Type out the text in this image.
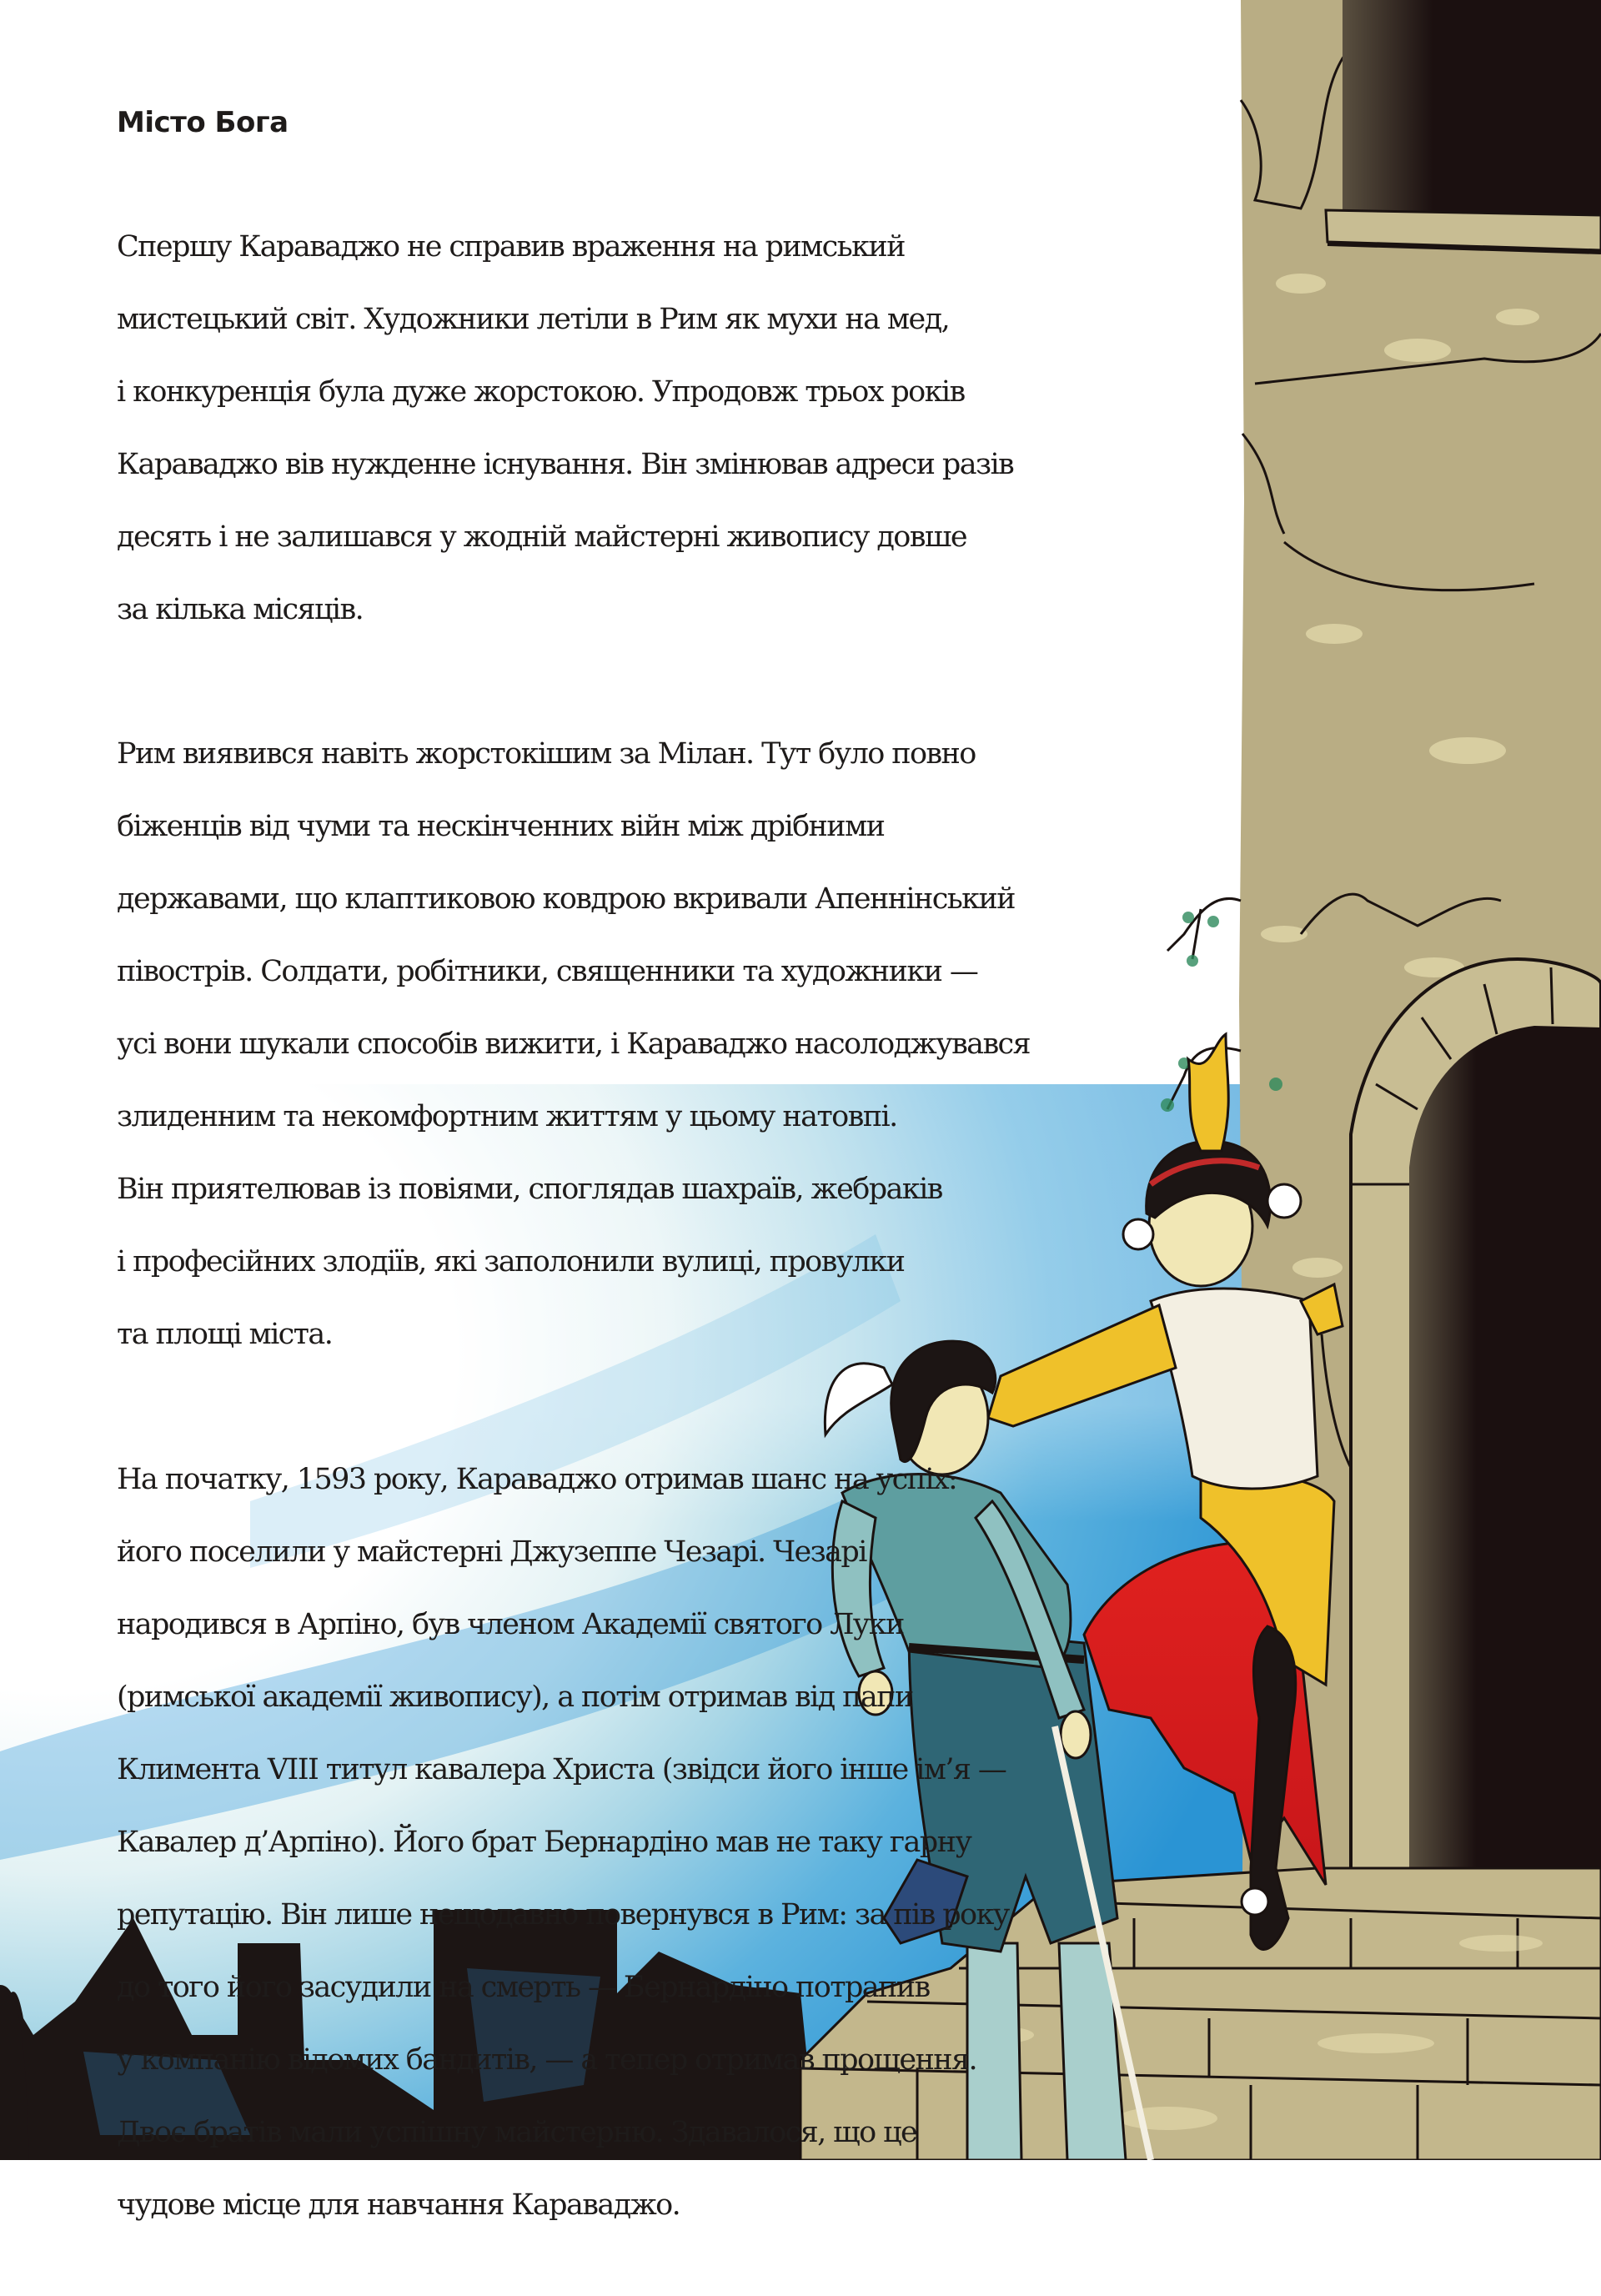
Місто Бога

Спершу Караваджо не справив враження на римський

мистецький світ. Художники летіли в Рим як мухи на мед,

і конкуренція була дуже жорстокою. Упродовж трьох років

Караваджо вів нужденне існування. Він змінював адреси разів

десять і не залишався у жодній майстерні живопису довше

за кілька місяців.

Рим виявився навіть жорстокішим за Мілан. Тут було повно

біженців від чуми та нескінченних війн між дрібними

державами, що клаптиковою ковдрою вкривали Апеннінський

півострів. Солдати, робітники, священники та художники —

усі вони шукали способів вижити, і Караваджо насолоджувався

злиденним та некомфортним життям у цьому натовпі.

Він приятелював із повіями, споглядав шахраїв, жебраків

і професійних злодіїв, які заполонили вулиці, провулки

та площі міста.

На початку, 1593 року, Караваджо отримав шанс на успіх:

його поселили у майстерні Джузеппе Чезарі. Чезарі

народився в Арпіно, був членом Академії святого Луки

(римської академії живопису), а потім отримав від папи

Климента VIII титул кавалера Христа (звідси його інше ім’я —

Кавалер д’Арпіно). Його брат Бернардіно мав не таку гарну

репутацію. Він лише нещодавно повернувся в Рим: за пів року

до того його засудили на смерть — Бернардіно потрапив

у компанію відомих бандитів, — а тепер отримав прощення.

Двоє братів мали успішну майстерню. Здавалося, що це

чудове місце для навчання Караваджо.
